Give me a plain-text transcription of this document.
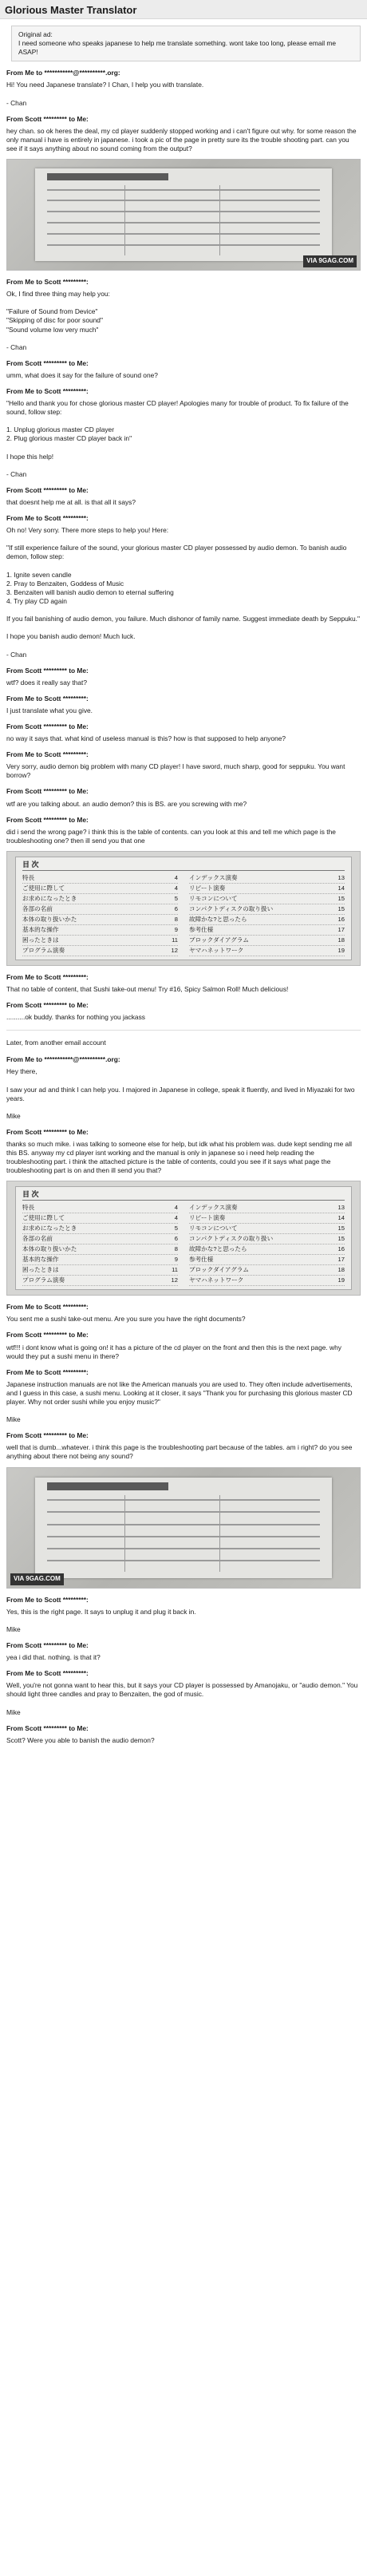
Glorious Master Translator

Original ad:

I need someone who speaks japanese to help me translate something. wont take too long, please email me ASAP!

From Me to ***********@**********.org:

Hi! You need Japanese translate? I Chan, I help you with translate.

- Chan

From Scott ********* to Me:

hey chan. so ok heres the deal, my cd player suddenly stopped working and i can't figure out why. for some reason the only manual i have is entirely in japanese. i took a pic of the page in pretty sure its the trouble shooting part. can you see if it says anything about no sound coming from the output?

VIA 9GAG.COM
From Me to Scott *********:

Ok, I find three thing may help you:

"Failure of Sound from Device"
"Skipping of disc for poor sound"
"Sound volume low very much"

- Chan

From Scott ********* to Me:

umm, what does it say for the failure of sound one?

From Me to Scott *********:

"Hello and thank you for chose glorious master CD player! Apologies many for trouble of product. To fix failure of the sound, follow step:

1. Unplug glorious master CD player
2. Plug glorious master CD player back in"

I hope this help!

- Chan

From Scott ********* to Me:

that doesnt help me at all. is that all it says?

From Me to Scott *********:

Oh no! Very sorry. There more steps to help you! Here:

"If still experience failure of the sound, your glorious master CD player possessed by audio demon. To banish audio demon, follow step:

1. Ignite seven candle
2. Pray to Benzaiten, Goddess of Music
3. Benzaiten will banish audio demon to eternal suffering
4. Try play CD again

If you fail banishing of audio demon, you failure. Much dishonor of family name. Suggest immediate death by Seppuku."

I hope you banish audio demon! Much luck.

- Chan

From Scott ********* to Me:

wtf? does it really say that?

From Me to Scott *********:

I just translate what you give.

From Scott ********* to Me:

no way it says that. what kind of useless manual is this? how is that supposed to help anyone?

From Me to Scott *********:

Very sorry, audio demon big problem with many CD player! I have sword, much sharp, good for seppuku. You want borrow?

From Scott ********* to Me:

wtf are you talking about. an audio demon? this is BS. are you screwing with me?

From Scott ********* to Me:

did i send the wrong page? i think this is the table of contents. can you look at this and tell me which page is the troubleshooting one? then ill send you that one

目 次
特長	4
ご使用に際して	4
お求めになったとき	5
各部の名前	6
本体の取り扱いかた	8
基本的な操作	9
困ったときは	11
プログラム演奏	12
インデックス演奏	13
リピート演奏	14
リモコンについて	15
コンパクトディスクの取り扱い	15
故障かな?と思ったら	16
参考仕様	17
ブロックダイアグラム	18
ヤマハネットワーク	19
From Me to Scott *********:

That no table of content, that Sushi take-out menu! Try #16, Spicy Salmon Roll! Much delicious!

From Scott ********* to Me:

..........ok buddy. thanks for nothing you jackass

Later, from another email account
From Me to ***********@**********.org:

Hey there,

I saw your ad and think I can help you. I majored in Japanese in college, speak it fluently, and lived in Miyazaki for two years.

Mike

From Scott ********* to Me:

thanks so much mike. i was talking to someone else for help, but idk what his problem was. dude kept sending me all this BS. anyway my cd player isnt working and the manual is only in japanese so i need help reading the troubleshooting part. i think the attached picture is the table of contents, could you see if it says what page the troubleshooting part is on and then ill send you that?

目 次
特長	4
ご使用に際して	4
お求めになったとき	5
各部の名前	6
本体の取り扱いかた	8
基本的な操作	9
困ったときは	11
プログラム演奏	12
インデックス演奏	13
リピート演奏	14
リモコンについて	15
コンパクトディスクの取り扱い	15
故障かな?と思ったら	16
参考仕様	17
ブロックダイアグラム	18
ヤマハネットワーク	19
From Me to Scott *********:

You sent me a sushi take-out menu. Are you sure you have the right documents?

From Scott ********* to Me:

wtf!!! i dont know what is going on! it has a picture of the cd player on the front and then this is the next page. why would they put a sushi menu in there?

From Me to Scott *********:

Japanese instruction manuals are not like the American manuals you are used to. They often include advertisements, and I guess in this case, a sushi menu. Looking at it closer, it says "Thank you for purchasing this glorious master CD player. Why not order sushi while you enjoy music?"

Mike

From Scott ********* to Me:

well that is dumb...whatever. i think this page is the troubleshooting part because of the tables. am i right? do you see anything about there not being any sound?

VIA 9GAG.COM
From Me to Scott *********:

Yes, this is the right page. It says to unplug it and plug it back in.

Mike

From Scott ********* to Me:

yea i did that. nothing. is that it?

From Me to Scott *********:

Well, you're not gonna want to hear this, but it says your CD player is possessed by Amanojaku, or "audio demon." You should light three candles and pray to Benzaiten, the god of music.

Mike

From Scott ********* to Me:

Scott? Were you able to banish the audio demon?
